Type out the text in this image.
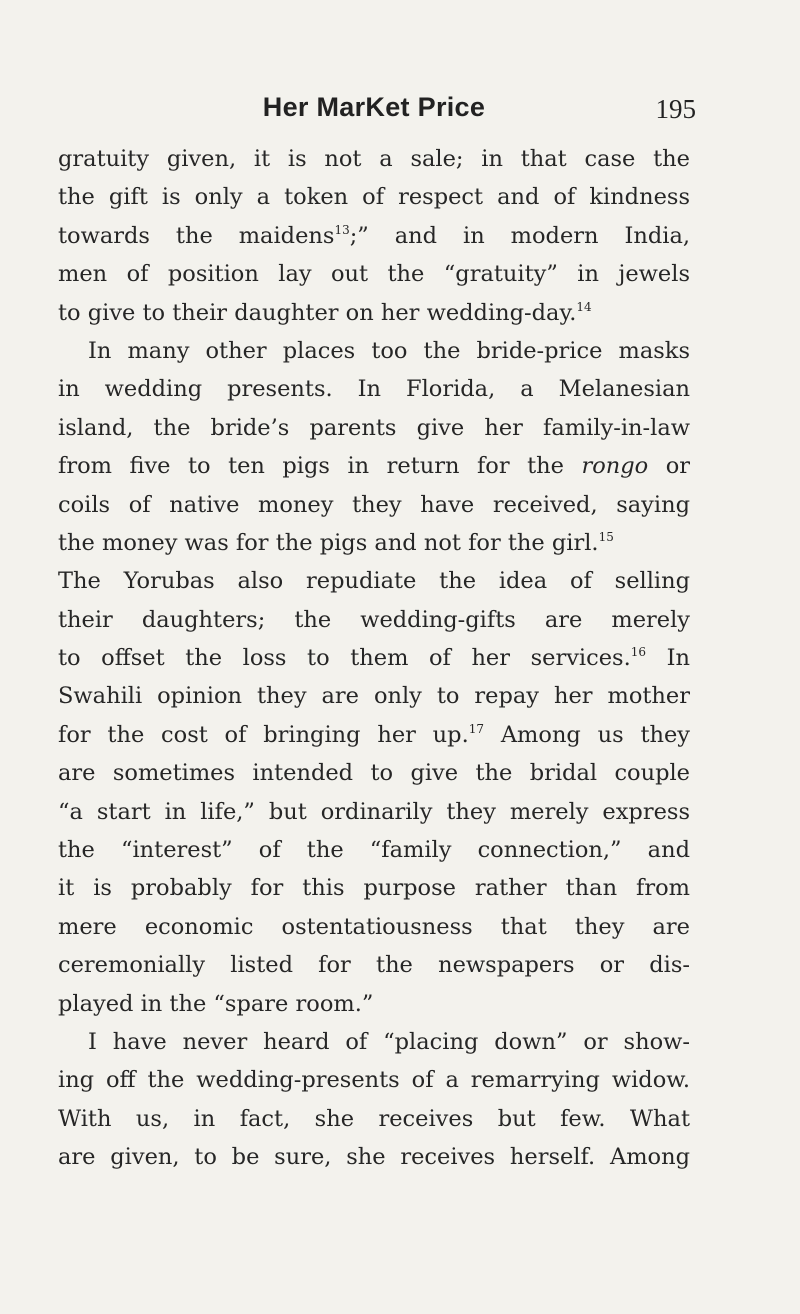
Her MarKet Price	195
gratuity given, it is not a sale; in that case the
the gift is only a token of respect and of kindness
towards the maidens$^{13}$;” and in modern India,
men of position lay out the “gratuity” in jewels
to give to their daughter on her wedding-day.$^{14}$
In many other places too the bride-price masks
in wedding presents. In Florida, a Melanesian
island, the bride’s parents give her family-in-law
from five to ten pigs in return for the rongo or
coils of native money they have received, saying
the money was for the pigs and not for the girl.$^{15}$
The Yorubas also repudiate the idea of selling
their daughters; the wedding-gifts are merely
to offset the loss to them of her services.$^{16}$ In
Swahili opinion they are only to repay her mother
for the cost of bringing her up.$^{17}$ Among us they
are sometimes intended to give the bridal couple
“a start in life,” but ordinarily they merely express
the “interest” of the “family connection,” and
it is probably for this purpose rather than from
mere economic ostentatiousness that they are
ceremonially listed for the newspapers or dis-
played in the “spare room.”
I have never heard of “placing down” or show-
ing off the wedding-presents of a remarrying widow.
With us, in fact, she receives but few. What
are given, to be sure, she receives herself. Among
